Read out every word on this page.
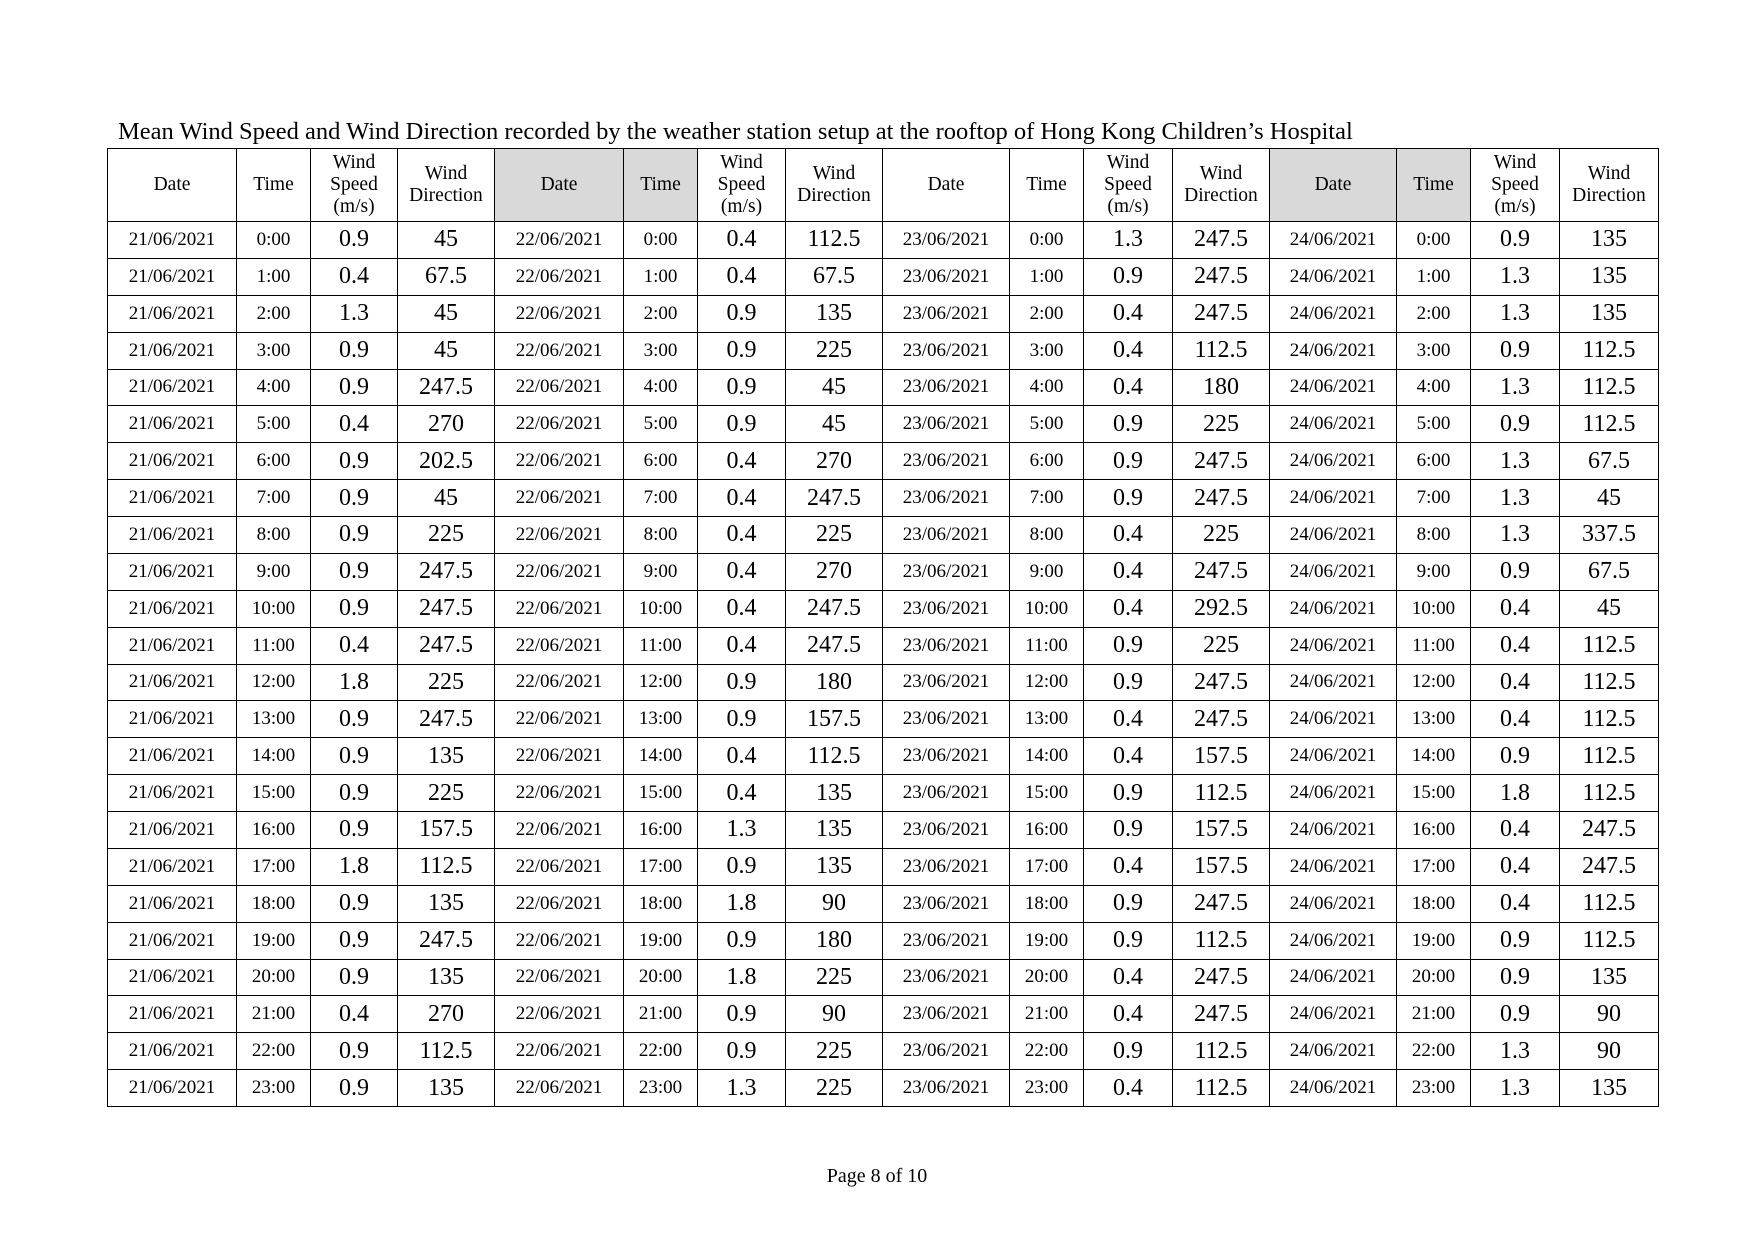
Mean Wind Speed and Wind Direction recorded by the weather station setup at the rooftop of Hong Kong Children’s Hospital
Date	Time	Wind
Speed
(m/s)	Wind
Direction	Date	Time	Wind
Speed
(m/s)	Wind
Direction	Date	Time	Wind
Speed
(m/s)	Wind
Direction	Date	Time	Wind
Speed
(m/s)	Wind
Direction
21/06/2021	0:00	0.9	45	22/06/2021	0:00	0.4	112.5	23/06/2021	0:00	1.3	247.5	24/06/2021	0:00	0.9	135
21/06/2021	1:00	0.4	67.5	22/06/2021	1:00	0.4	67.5	23/06/2021	1:00	0.9	247.5	24/06/2021	1:00	1.3	135
21/06/2021	2:00	1.3	45	22/06/2021	2:00	0.9	135	23/06/2021	2:00	0.4	247.5	24/06/2021	2:00	1.3	135
21/06/2021	3:00	0.9	45	22/06/2021	3:00	0.9	225	23/06/2021	3:00	0.4	112.5	24/06/2021	3:00	0.9	112.5
21/06/2021	4:00	0.9	247.5	22/06/2021	4:00	0.9	45	23/06/2021	4:00	0.4	180	24/06/2021	4:00	1.3	112.5
21/06/2021	5:00	0.4	270	22/06/2021	5:00	0.9	45	23/06/2021	5:00	0.9	225	24/06/2021	5:00	0.9	112.5
21/06/2021	6:00	0.9	202.5	22/06/2021	6:00	0.4	270	23/06/2021	6:00	0.9	247.5	24/06/2021	6:00	1.3	67.5
21/06/2021	7:00	0.9	45	22/06/2021	7:00	0.4	247.5	23/06/2021	7:00	0.9	247.5	24/06/2021	7:00	1.3	45
21/06/2021	8:00	0.9	225	22/06/2021	8:00	0.4	225	23/06/2021	8:00	0.4	225	24/06/2021	8:00	1.3	337.5
21/06/2021	9:00	0.9	247.5	22/06/2021	9:00	0.4	270	23/06/2021	9:00	0.4	247.5	24/06/2021	9:00	0.9	67.5
21/06/2021	10:00	0.9	247.5	22/06/2021	10:00	0.4	247.5	23/06/2021	10:00	0.4	292.5	24/06/2021	10:00	0.4	45
21/06/2021	11:00	0.4	247.5	22/06/2021	11:00	0.4	247.5	23/06/2021	11:00	0.9	225	24/06/2021	11:00	0.4	112.5
21/06/2021	12:00	1.8	225	22/06/2021	12:00	0.9	180	23/06/2021	12:00	0.9	247.5	24/06/2021	12:00	0.4	112.5
21/06/2021	13:00	0.9	247.5	22/06/2021	13:00	0.9	157.5	23/06/2021	13:00	0.4	247.5	24/06/2021	13:00	0.4	112.5
21/06/2021	14:00	0.9	135	22/06/2021	14:00	0.4	112.5	23/06/2021	14:00	0.4	157.5	24/06/2021	14:00	0.9	112.5
21/06/2021	15:00	0.9	225	22/06/2021	15:00	0.4	135	23/06/2021	15:00	0.9	112.5	24/06/2021	15:00	1.8	112.5
21/06/2021	16:00	0.9	157.5	22/06/2021	16:00	1.3	135	23/06/2021	16:00	0.9	157.5	24/06/2021	16:00	0.4	247.5
21/06/2021	17:00	1.8	112.5	22/06/2021	17:00	0.9	135	23/06/2021	17:00	0.4	157.5	24/06/2021	17:00	0.4	247.5
21/06/2021	18:00	0.9	135	22/06/2021	18:00	1.8	90	23/06/2021	18:00	0.9	247.5	24/06/2021	18:00	0.4	112.5
21/06/2021	19:00	0.9	247.5	22/06/2021	19:00	0.9	180	23/06/2021	19:00	0.9	112.5	24/06/2021	19:00	0.9	112.5
21/06/2021	20:00	0.9	135	22/06/2021	20:00	1.8	225	23/06/2021	20:00	0.4	247.5	24/06/2021	20:00	0.9	135
21/06/2021	21:00	0.4	270	22/06/2021	21:00	0.9	90	23/06/2021	21:00	0.4	247.5	24/06/2021	21:00	0.9	90
21/06/2021	22:00	0.9	112.5	22/06/2021	22:00	0.9	225	23/06/2021	22:00	0.9	112.5	24/06/2021	22:00	1.3	90
21/06/2021	23:00	0.9	135	22/06/2021	23:00	1.3	225	23/06/2021	23:00	0.4	112.5	24/06/2021	23:00	1.3	135
Page 8 of 10
